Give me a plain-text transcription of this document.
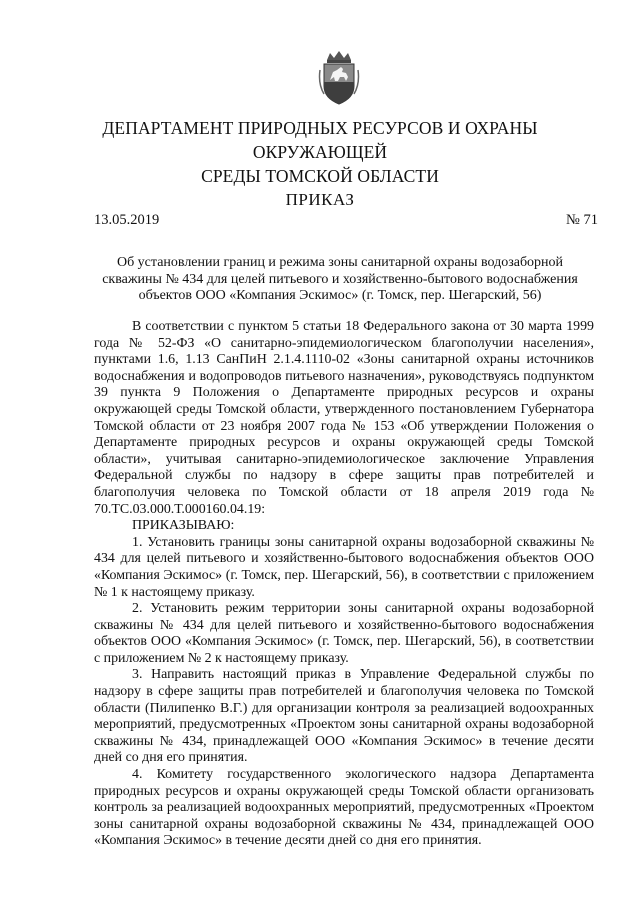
ДЕПАРТАМЕНТ ПРИРОДНЫХ РЕСУРСОВ И ОХРАНЫ ОКРУЖАЮЩЕЙ
СРЕДЫ ТОМСКОЙ ОБЛАСТИ
ПРИКАЗ
13.05.2019	№ 71
Об установлении границ и режима зоны санитарной охраны водозаборной скважины № 434 для целей питьевого и хозяйственно-бытового водоснабжения объектов ООО «Компания Эскимос» (г. Томск, пер. Шегарский, 56)

В соответствии с пунктом 5 статьи 18 Федерального закона от 30 марта 1999 года № 52-ФЗ «О санитарно-эпидемиологическом благополучии населения», пунктами 1.6, 1.13 СанПиН 2.1.4.1110-02 «Зоны санитарной охраны источников водоснабжения и водопроводов питьевого назначения», руководствуясь подпунктом 39 пункта 9 Положения о Департаменте природных ресурсов и охраны окружающей среды Томской области, утвержденного постановлением Губернатора Томской области от 23 ноября 2007 года № 153 «Об утверждении Положения о Департаменте природных ресурсов и охраны окружающей среды Томской области», учитывая санитарно-эпидемиологическое заключение Управления Федеральной службы по надзору в сфере защиты прав потребителей и благополучия человека по Томской области от 18 апреля 2019 года № 70.ТС.03.000.Т.000160.04.19:

ПРИКАЗЫВАЮ:

1. Установить границы зоны санитарной охраны водозаборной скважины № 434 для целей питьевого и хозяйственно-бытового водоснабжения объектов ООО «Компания Эскимос» (г. Томск, пер. Шегарский, 56), в соответствии с приложением № 1 к настоящему приказу.

2. Установить режим территории зоны санитарной охраны водозаборной скважины № 434 для целей питьевого и хозяйственно-бытового водоснабжения объектов ООО «Компания Эскимос» (г. Томск, пер. Шегарский, 56), в соответствии с приложением № 2 к настоящему приказу.

3. Направить настоящий приказ в Управление Федеральной службы по надзору в сфере защиты прав потребителей и благополучия человека по Томской области (Пилипенко В.Г.) для организации контроля за реализацией водоохранных мероприятий, предусмотренных «Проектом зоны санитарной охраны водозаборной скважины № 434, принадлежащей ООО «Компания Эскимос» в течение десяти дней со дня его принятия.

4. Комитету государственного экологического надзора Департамента природных ресурсов и охраны окружающей среды Томской области организовать контроль за реализацией водоохранных мероприятий, предусмотренных «Проектом зоны санитарной охраны водозаборной скважины № 434, принадлежащей ООО «Компания Эскимос» в течение десяти дней со дня его принятия.
